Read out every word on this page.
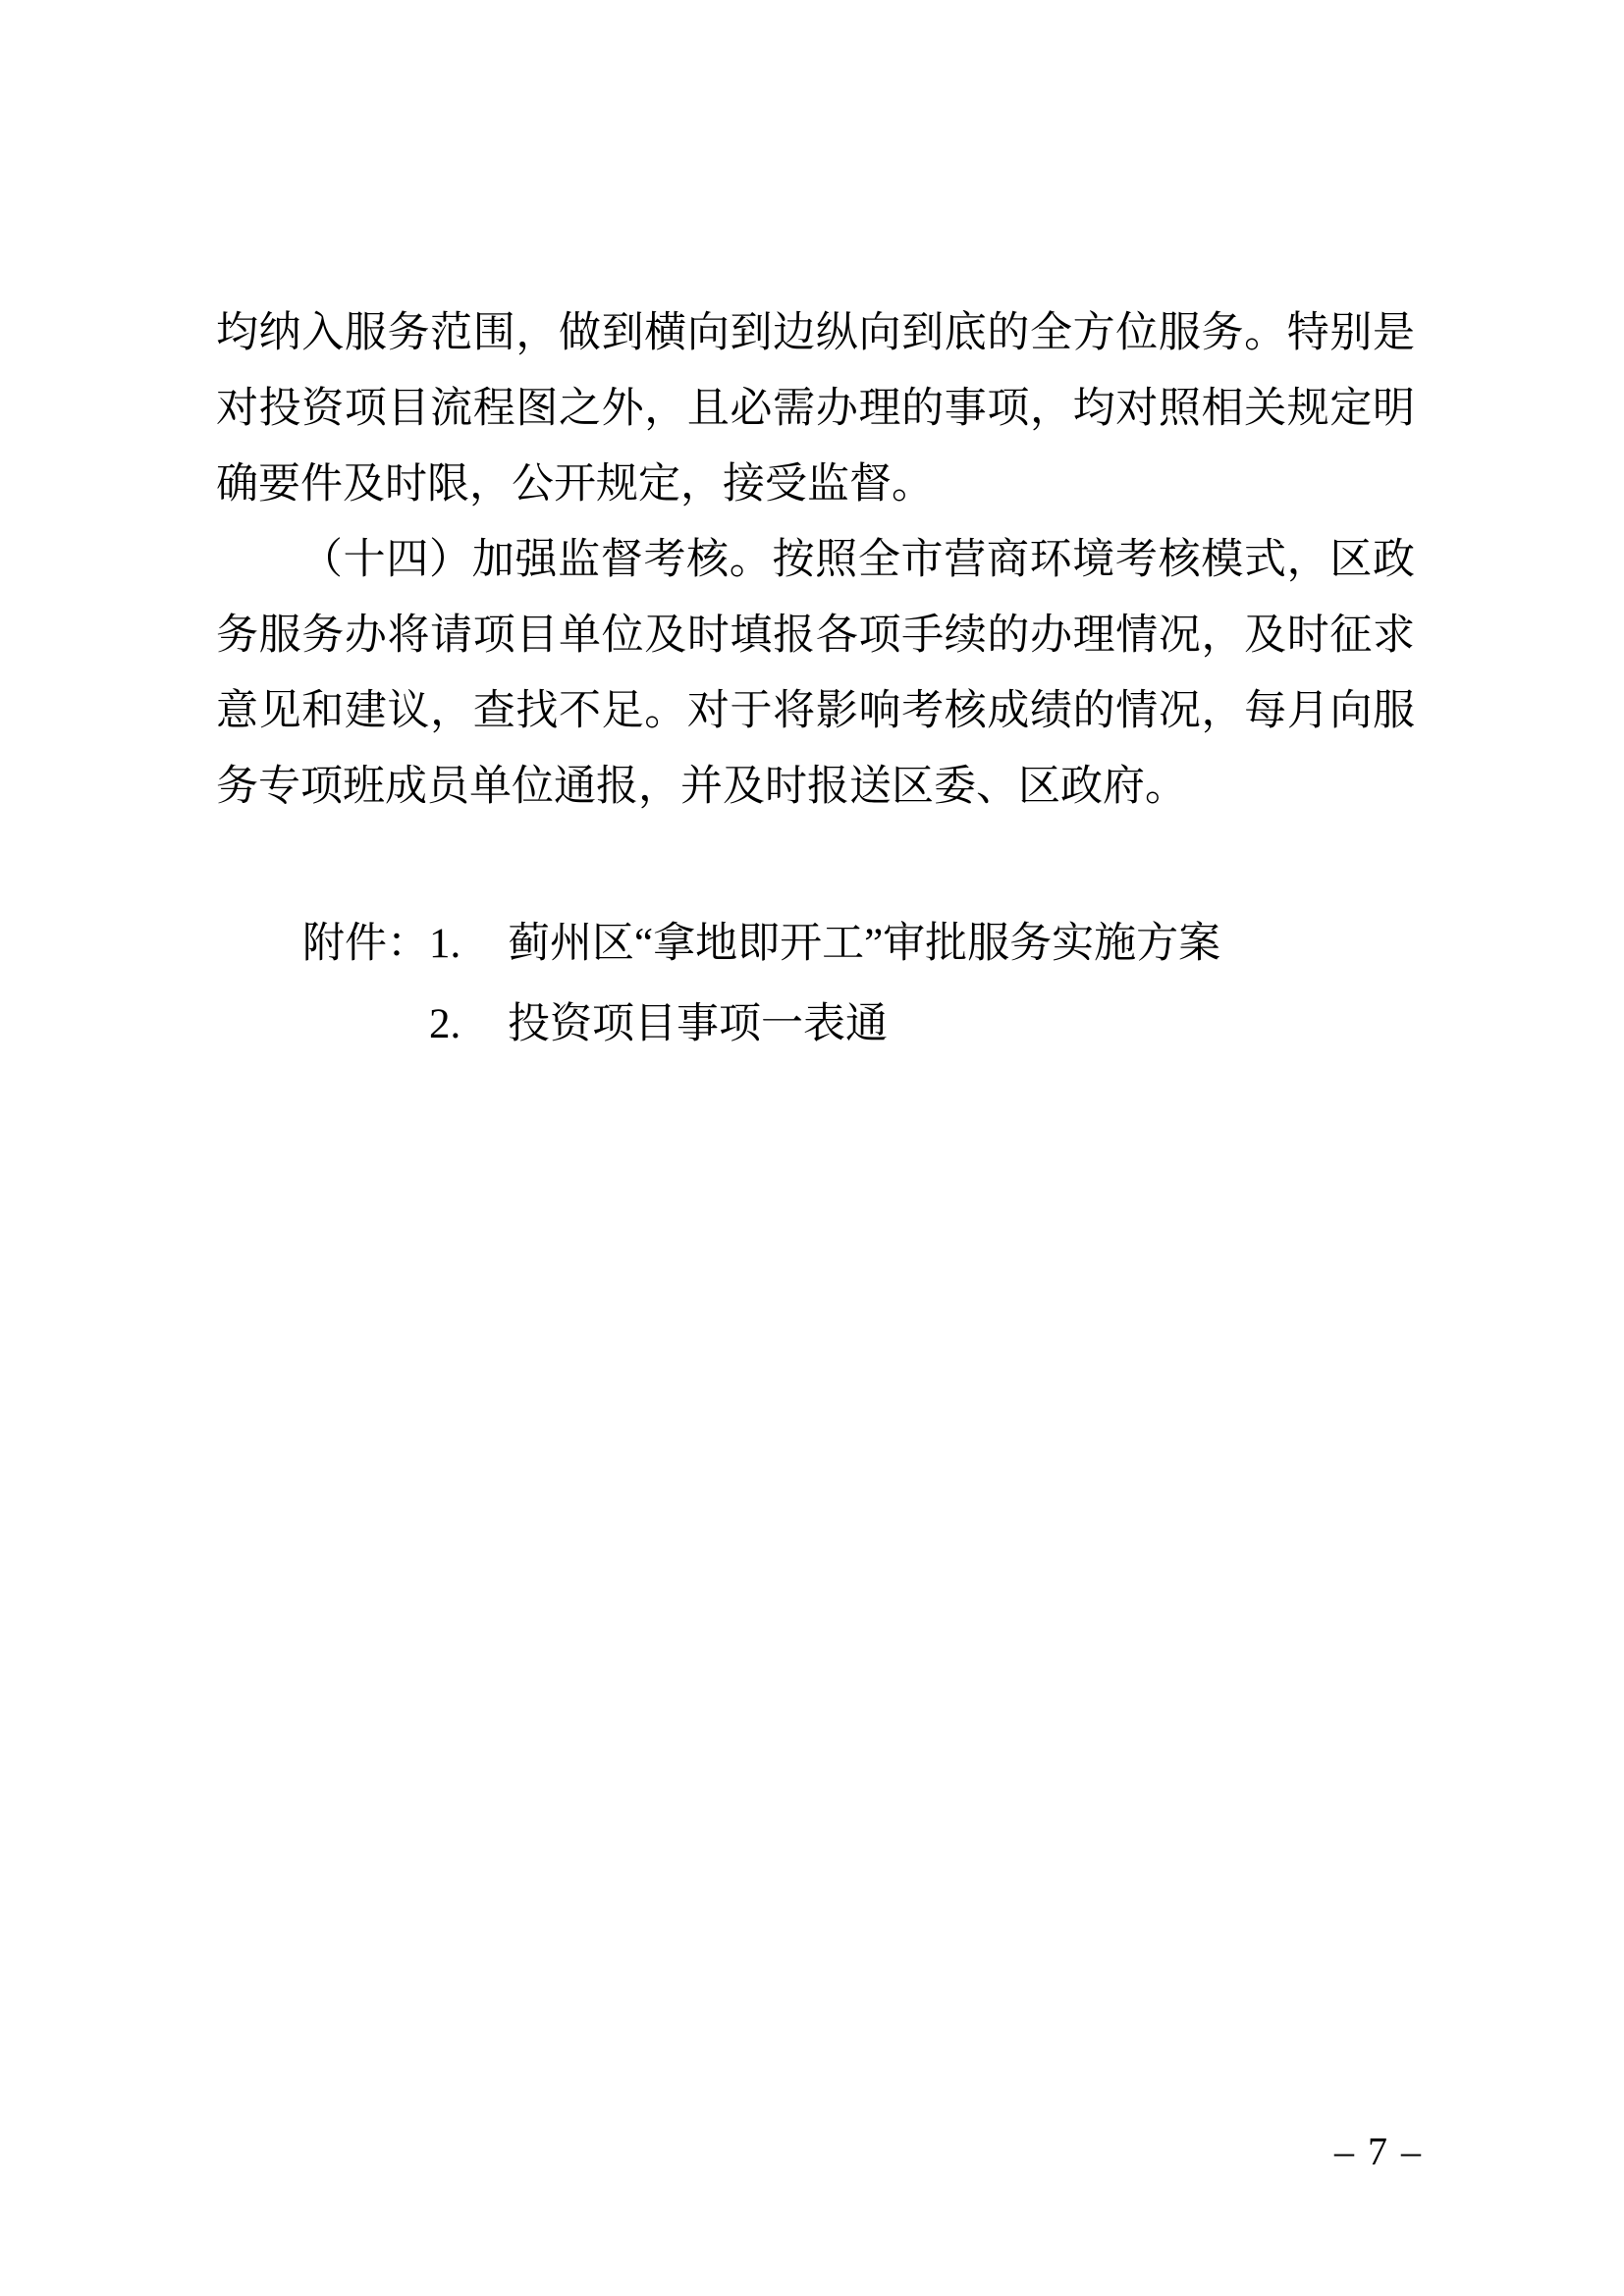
均纳入服务范围，做到横向到边纵向到底的全方位服务。特别是
对投资项目流程图之外，且必需办理的事项，均对照相关规定明
确要件及时限，公开规定，接受监督。
（十四）加强监督考核。按照全市营商环境考核模式，区政
务服务办将请项目单位及时填报各项手续的办理情况，及时征求
意见和建议，查找不足。对于将影响考核成绩的情况，每月向服
务专项班成员单位通报，并及时报送区委、区政府。
附件：1. 蓟州区“拿地即开工”审批服务实施方案
2. 投资项目事项一表通
– 7 –
